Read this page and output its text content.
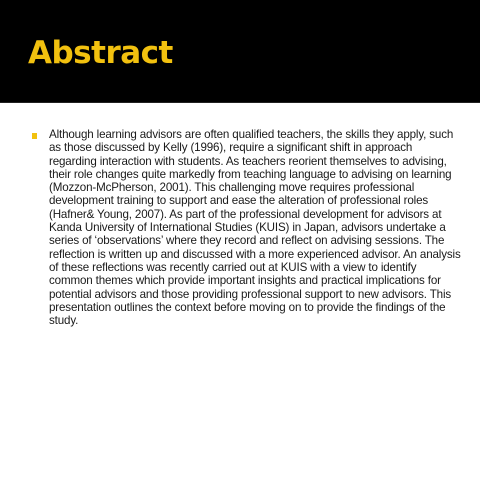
Abstract

Although learning advisors are often qualified teachers, the skills they apply, such as those discussed by Kelly (1996), require a significant shift in approach regarding interaction with students. As teachers reorient themselves to advising, their role changes quite markedly from teaching language to advising on learning (Mozzon-McPherson, 2001). This challenging move requires professional development training to support and ease the alteration of professional roles (Hafner& Young, 2007). As part of the professional development for advisors at Kanda University of International Studies (KUIS) in Japan, advisors undertake a series of ‘observations’ where they record and reflect on advising sessions. The reflection is written up and discussed with a more experienced advisor. An analysis of these reflections was recently carried out at KUIS with a view to identify common themes which provide important insights and practical implications for potential advisors and those providing professional support to new advisors. This presentation outlines the context before moving on to provide the findings of the study.
